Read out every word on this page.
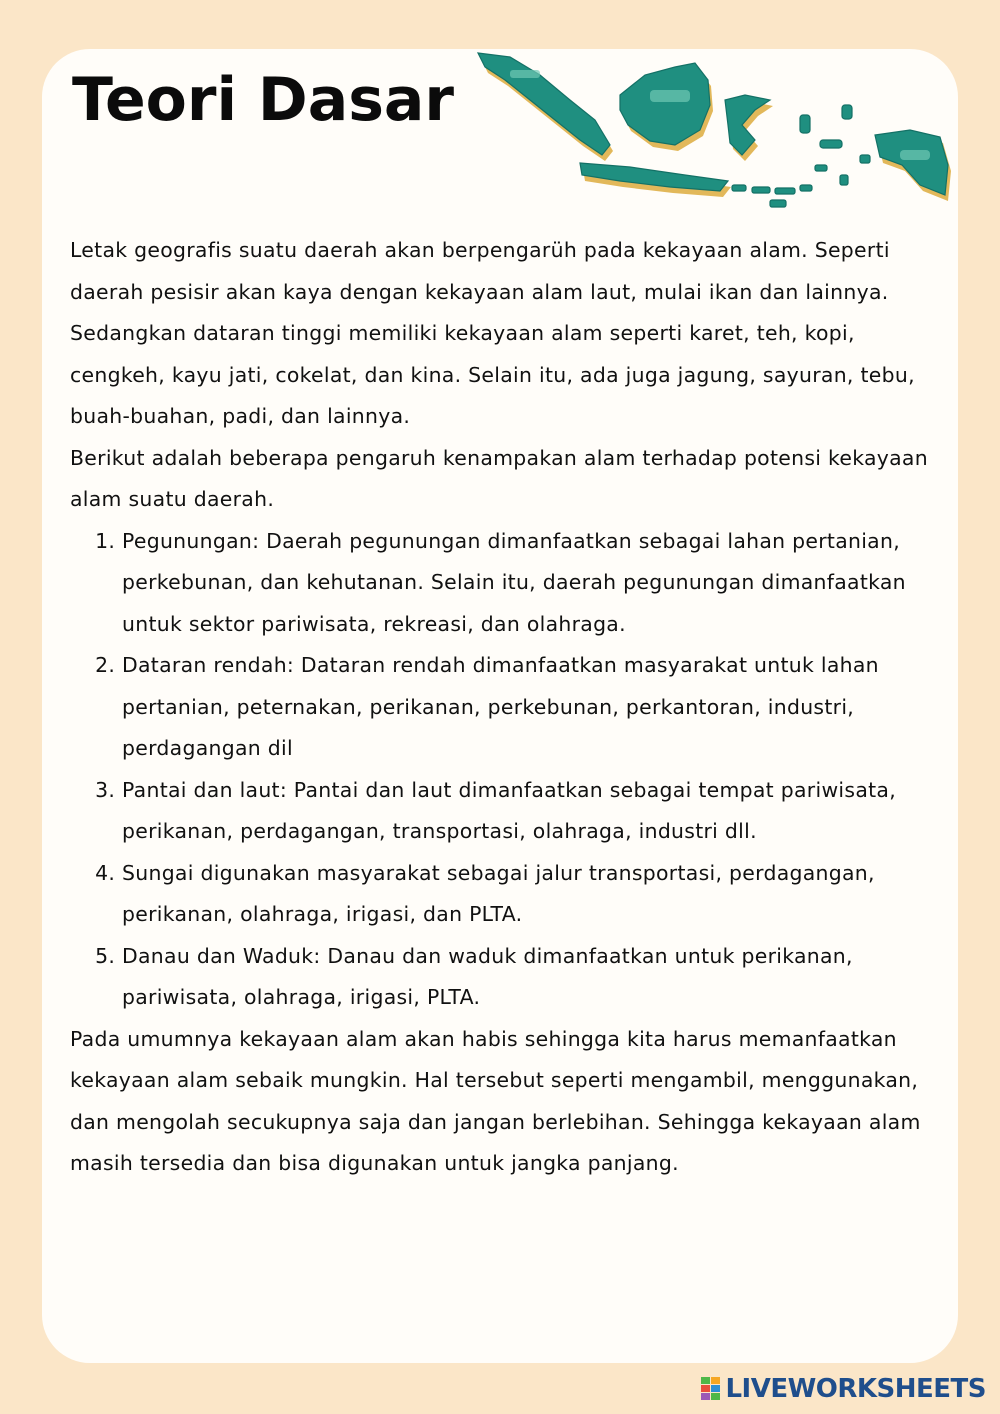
Teori Dasar

Letak geografis suatu daerah akan berpengarüh pada kekayaan alam. Seperti daerah pesisir akan kaya dengan kekayaan alam laut, mulai ikan dan lainnya. Sedangkan dataran tinggi memiliki kekayaan alam seperti karet, teh, kopi, cengkeh, kayu jati, cokelat, dan kina. Selain itu, ada juga jagung, sayuran, tebu, buah-buahan, padi, dan lainnya.

Berikut adalah beberapa pengaruh kenampakan alam terhadap potensi kekayaan alam suatu daerah.

1. Pegunungan: Daerah pegunungan dimanfaatkan sebagai lahan pertanian, perkebunan, dan kehutanan. Selain itu, daerah pegunungan dimanfaatkan untuk sektor pariwisata, rekreasi, dan olahraga.
2. Dataran rendah: Dataran rendah dimanfaatkan masyarakat untuk lahan pertanian, peternakan, perikanan, perkebunan, perkantoran, industri, perdagangan dil
3. Pantai dan laut: Pantai dan laut dimanfaatkan sebagai tempat pariwisata, perikanan, perdagangan, transportasi, olahraga, industri dll.
4. Sungai digunakan masyarakat sebagai jalur transportasi, perdagangan, perikanan, olahraga, irigasi, dan PLTA.
5. Danau dan Waduk: Danau dan waduk dimanfaatkan untuk perikanan, pariwisata, olahraga, irigasi, PLTA.

Pada umumnya kekayaan alam akan habis sehingga kita harus memanfaatkan kekayaan alam sebaik mungkin. Hal tersebut seperti mengambil, menggunakan, dan mengolah secukupnya saja dan jangan berlebihan. Sehingga kekayaan alam masih tersedia dan bisa digunakan untuk jangka panjang.

LIVEWORKSHEETS
